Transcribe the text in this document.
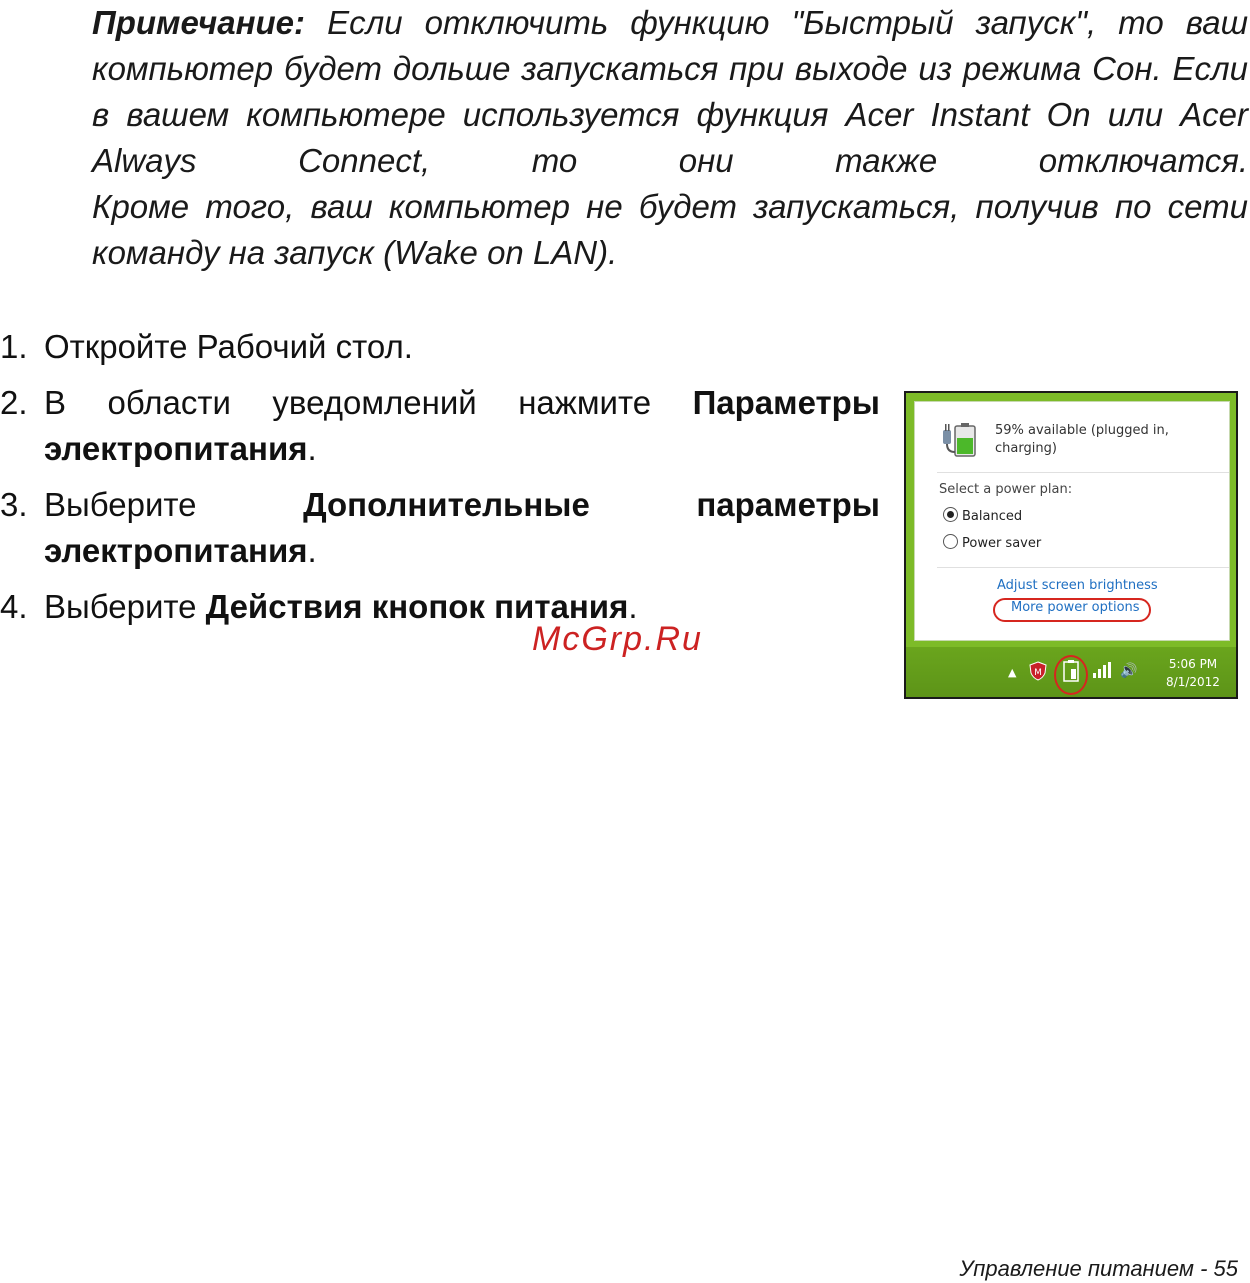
Примечание: Если отключить функцию "Быстрый запуск", то ваш компьютер будет дольше запускаться при выходе из режима Сон. Если в вашем компьютере используется функция Acer Instant On или Acer Always Connect, то они также отключатся.

Кроме того, ваш компьютер не будет запускаться, получив по сети команду на запуск (Wake on LAN).

1. Откройте Рабочий стол.
2. В области уведомлений нажмите Параметры электропитания.
3. Выберите Дополнительные параметры электропитания.
4. Выберите Действия кнопок питания.
McGrp.Ru
59% available (plugged in, charging)
Select a power plan:
Balanced
Power saver
Adjust screen brightness
More power options
▲ M	🔊	5:06 PM
8/1/2012
Управление питанием - 55
